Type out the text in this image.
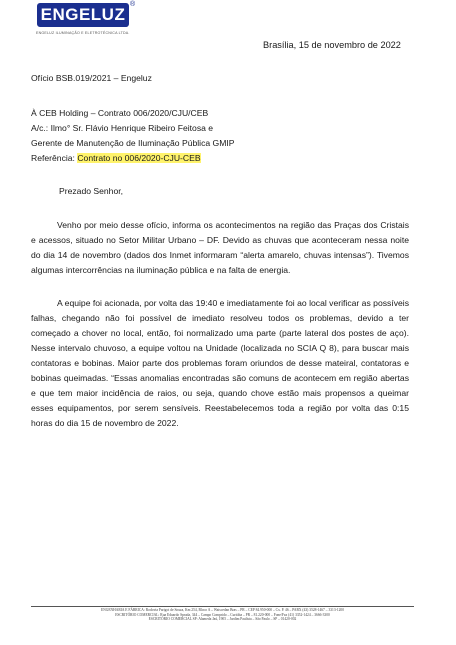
ENGELUZ
®
ENGELUZ ILUMINAÇÃO E ELETROTÉCNICA LTDA.
Brasília, 15 de novembro de 2022
Ofício BSB.019/2021 – Engeluz
À CEB Holding – Contrato 006/2020/CJU/CEB
A/c.: Ilmo° Sr. Flávio Henrique Ribeiro Feitosa e
Gerente de Manutenção de Iluminação Pública GMIP
Referência: Contrato no 006/2020-CJU-CEB
Prezado Senhor,

Venho por meio desse ofício, informa os acontecimentos na região das Praças dos Cristais e acessos, situado no Setor Militar Urbano – DF. Devido as chuvas que aconteceram nessa noite do dia 14 de novembro (dados dos Inmet informaram “alerta amarelo, chuvas intensas”). Tivemos algumas intercorrências na iluminação pública e na falta de energia.

A equipe foi acionada, por volta das 19:40 e imediatamente foi ao local verificar as possíveis falhas, chegando não foi possível de imediato resolveu todos os problemas, devido a ter começado a chover no local, então, foi normalizado uma parte (parte lateral dos postes de aço). Nesse intervalo chuvoso, a equipe voltou na Unidade (localizada no SCIA Q 8), para buscar mais contatoras e bobinas. Maior parte dos problemas foram oriundos de desse mateiral, contatoras e bobinas queimadas. “Essas anomalias encontradas são comuns de acontecem em região abertas e que tem maior incidência de raios, ou seja, quando chove estão mais propensos a queimar esses equipamentos, por serem sensíveis. Reestabelecemos toda a região por volta das 0:15 horas do dia 15 de novembro de 2022.

ENGENHARIA E FÁBRICA: Rodovia Parigot de Souza, Km 254, Bloco A – Waiscedan Bras – PR – CEP 84.950-000 – Cx. P. 46 – PABX (43) 3528-1467 – 3313-1200
ESCRITÓRIO COMERCIAL: Rua Eduardo Sprada, 344 – Campo Comprido – Curitiba – PR – 81.220-000 – Fone/Fax (41) 3352-1424 – 3666-3300
ESCRITÓRIO COMERCIAL SP: Alameda Jaú, 1905 – Jardim Paulista – São Paulo – SP – 01420-002
